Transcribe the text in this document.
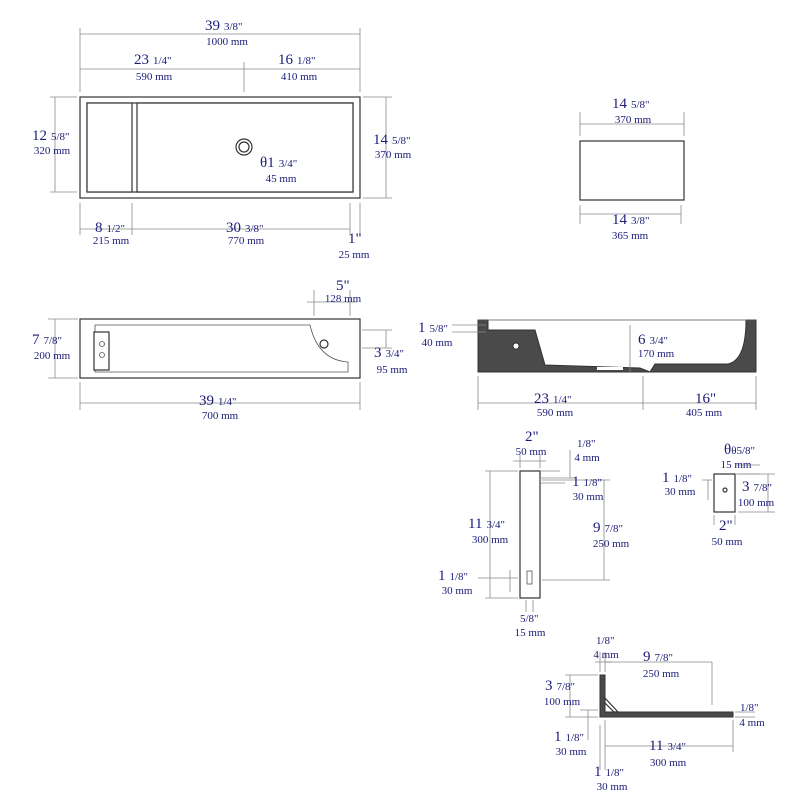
39 3/8"
1000 mm
23 1/4"
590 mm
16 1/8"
410 mm
12 5/8"
320 mm
14 5/8"
370 mm
θ1 3/4"
45 mm
8 1/2"
215 mm
30 3/8"
770 mm	1"
25 mm
14 5/8"
370 mm
14 3/8"
365 mm
5"
128 mm
7 7/8"
200 mm	3 3/4"
95 mm
39 1/4"
700 mm
1 5/8"
40 mm	6 3/4"
170 mm
23 1/4"
590 mm
16"
405 mm
2"
50 mm
1/8"
4 mm
1 1/8"
30 mm
11 3/4"
300 mm
9 7/8"
250 mm
1 1/8"
30 mm
5/8"
15 mm
θθ5/8"
15 mm
1 1/8"
30 mm	3 7/8"
100 mm
2"
50 mm
1/8"
4 mm 9 7/8"
250 mm
3 7/8"
100 mm	1/8"
4 mm
1 1/8"
30 mm	11 3/4"
300 mm
1 1/8"
30 mm
